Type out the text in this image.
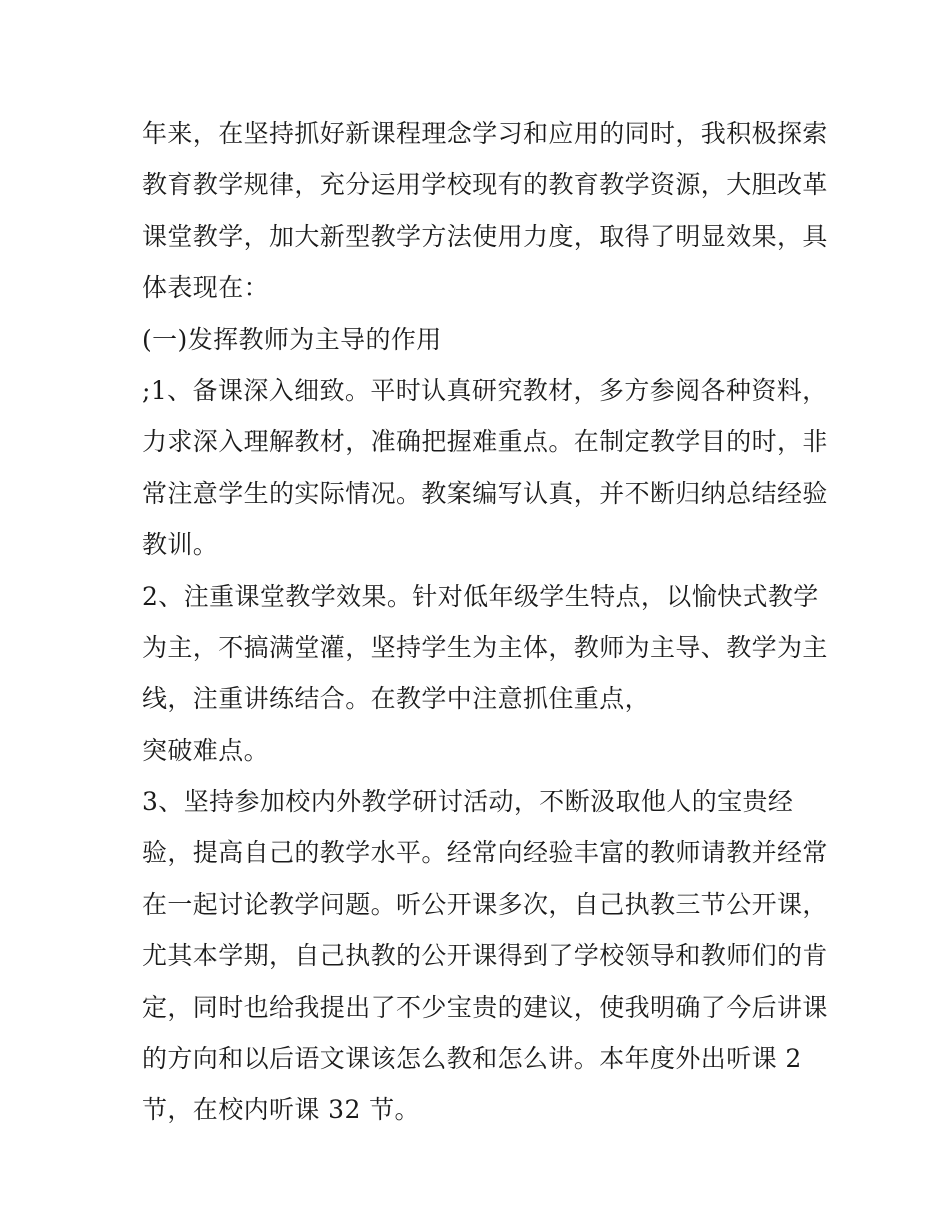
年来，在坚持抓好新课程理念学习和应用的同时，我积极探索
教育教学规律，充分运用学校现有的教育教学资源，大胆改革
课堂教学，加大新型教学方法使用力度，取得了明显效果，具
体表现在：
(一)发挥教师为主导的作用
;1、备课深入细致。平时认真研究教材，多方参阅各种资料，
力求深入理解教材，准确把握难重点。在制定教学目的时，非
常注意学生的实际情况。教案编写认真，并不断归纳总结经验
教训。
2、注重课堂教学效果。针对低年级学生特点，以愉快式教学
为主，不搞满堂灌，坚持学生为主体，教师为主导、教学为主
线，注重讲练结合。在教学中注意抓住重点，
突破难点。
3、坚持参加校内外教学研讨活动，不断汲取他人的宝贵经
验，提高自己的教学水平。经常向经验丰富的教师请教并经常
在一起讨论教学问题。听公开课多次，自己执教三节公开课，
尤其本学期，自己执教的公开课得到了学校领导和教师们的肯
定，同时也给我提出了不少宝贵的建议，使我明确了今后讲课
的方向和以后语文课该怎么教和怎么讲。本年度外出听课 2
节，在校内听课 32 节。
